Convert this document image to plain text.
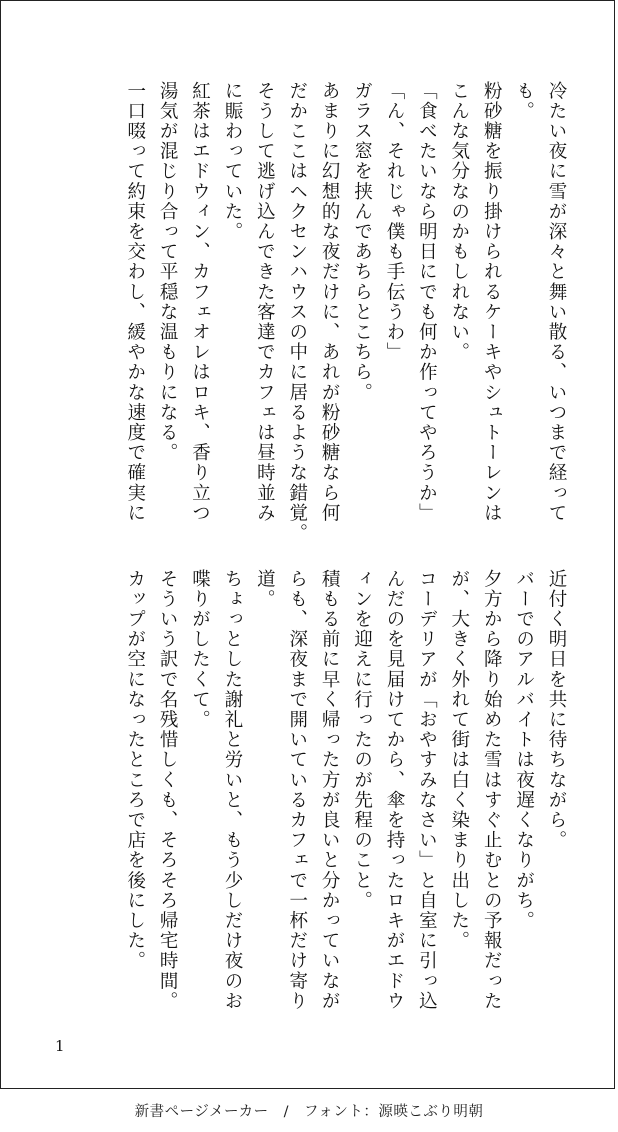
冷たい夜に雪が深々と舞い散る、いつまで経って
も。
粉砂糖を振り掛けられるケーキやシュトーレンは
こんな気分なのかもしれない。
「食べたいなら明日にでも何か作ってやろうか」
「ん、それじゃ僕も手伝うわ」
ガラス窓を挟んであちらとこちら。
あまりに幻想的な夜だけに、あれが粉砂糖なら何
だかここはヘクセンハウスの中に居るような錯覚。
そうして逃げ込んできた客達でカフェは昼時並み
に賑わっていた。
紅茶はエドウィン、カフェオレはロキ、香り立つ
湯気が混じり合って平穏な温もりになる。
一口啜って約束を交わし、緩やかな速度で確実に
近付く明日を共に待ちながら。
バーでのアルバイトは夜遅くなりがち。
夕方から降り始めた雪はすぐ止むとの予報だった
が、大きく外れて街は白く染まり出した。
コーデリアが「おやすみなさい」と自室に引っ込
んだのを見届けてから、傘を持ったロキがエドウ
ィンを迎えに行ったのが先程のこと。
積もる前に早く帰った方が良いと分かっていなが
らも、深夜まで開いているカフェで一杯だけ寄り
道。
ちょっとした謝礼と労いと、もう少しだけ夜のお
喋りがしたくて。
そういう訳で名残惜しくも、そろそろ帰宅時間。
カップが空になったところで店を後にした。
1
新書ページメーカー　/　フォント：源暎こぶり明朝
